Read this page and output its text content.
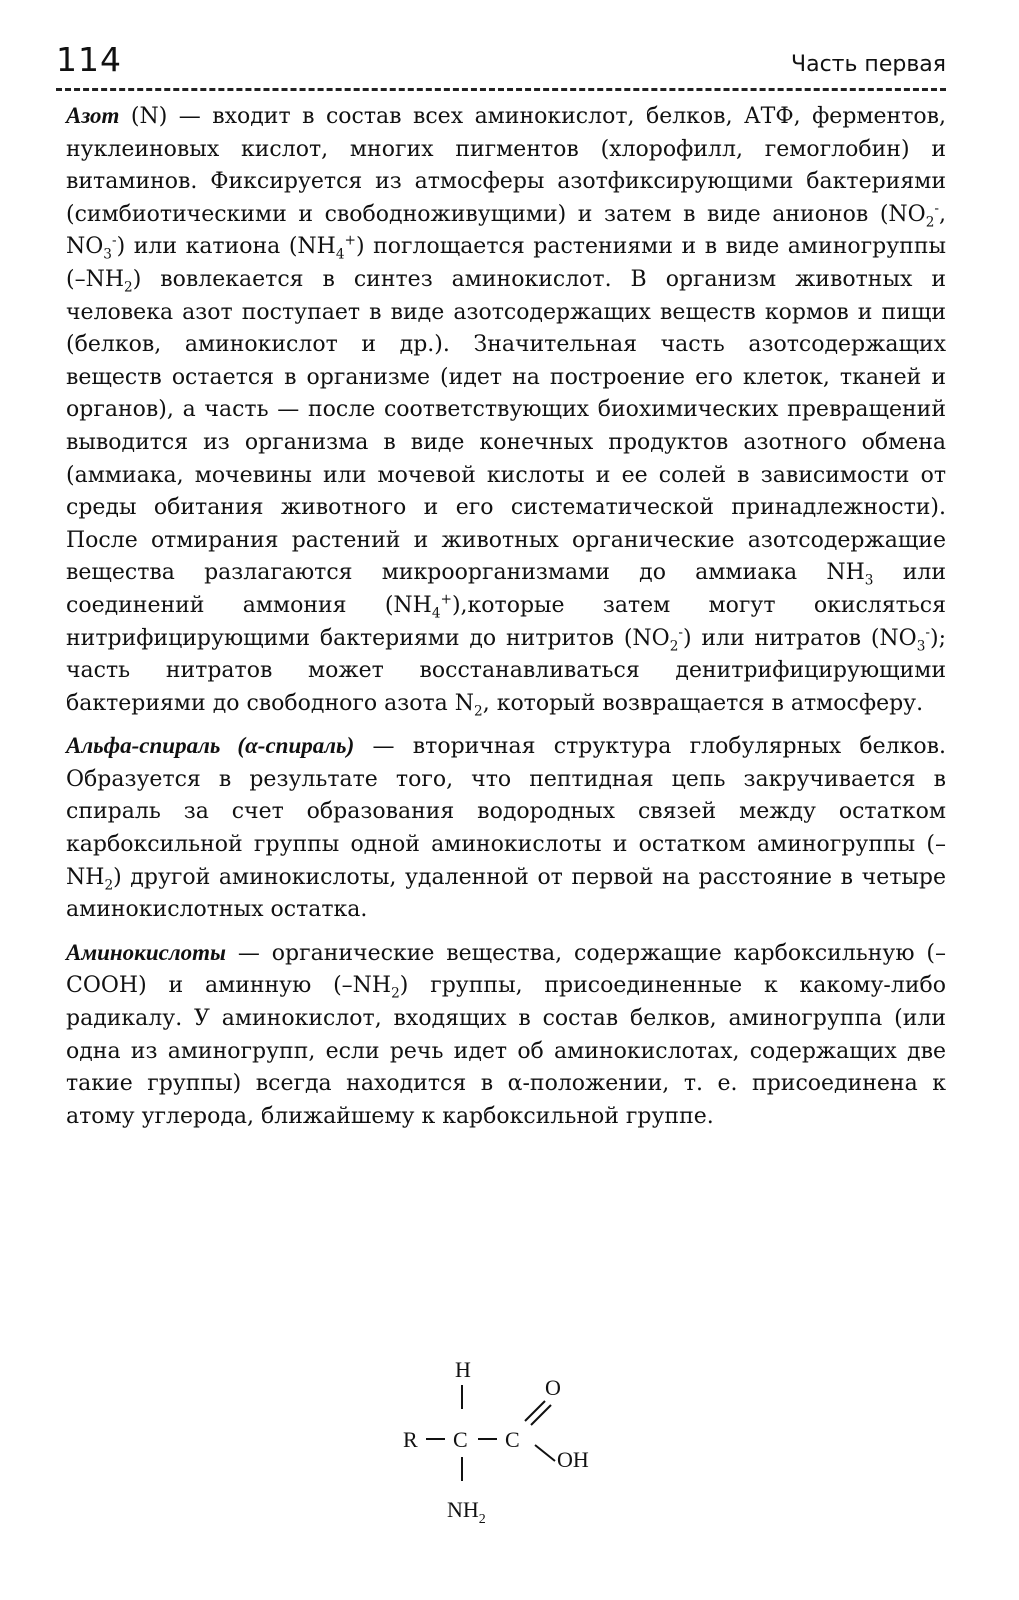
114	Часть первая

Азот (N) — входит в состав всех аминокислот, белков, АТФ, ферментов, нуклеиновых кислот, многих пигментов (хлорофилл, гемоглобин) и витаминов. Фиксируется из атмосферы азотфиксирующими бактериями (симбиотическими и свободноживущими) и затем в виде анионов ($NO_2^-$, $NO_3^-$) или катиона $(NH_4^+)$ поглощается растениями и в виде аминогруппы $(-NH_2)$ вовлекается в синтез аминокислот. В организм животных и человека азот поступает в виде азотсодержащих веществ кормов и пищи (белков, аминокислот и др.). Значительная часть азотсодержащих веществ остается в организме (идет на построение его клеток, тканей и органов), а часть — после соответствующих биохимических превращений выводится из организма в виде конечных продуктов азотного обмена (аммиака, мочевины или мочевой кислоты и ее солей в зависимости от среды обитания животного и его систематической принадлежности). После отмирания растений и животных органические азотсодержащие вещества разлагаются микроорганизмами до аммиака $NH_3$ или соединений аммония $(NH_4^+),которые$ затем могут окисляться нитрифицирующими бактериями до нитритов $(NO_2^-)$ или нитратов $(NO_3^-)$; часть нитратов может восстанавливаться денитрифицирующими бактериями до свободного азота $N_2$, который возвращается в атмосферу.

Альфа-спираль (α-спираль) — вторичная структура глобулярных белков. Образуется в результате того, что пептидная цепь закручивается в спираль за счет образования водородных связей между остатком карбоксильной группы одной аминокислоты и остатком аминогруппы $(-NH_2)$ другой аминокислоты, удаленной от первой на расстояние в четыре аминокислотных остатка.

Аминокислоты — органические вещества, содержащие карбоксильную (–COOH) и аминную $(-NH_2)$ группы, присоединенные к какому-либо радикалу. У аминокислот, входящих в состав белков, аминогруппа (или одна из аминогрупп, если речь идет об аминокислотах, содержащих две такие группы) всегда находится в α-положении, т. е. присоединена к атому углерода, ближайшему к карбоксильной группе.

H
O
R C C
OH
$NH_2$
